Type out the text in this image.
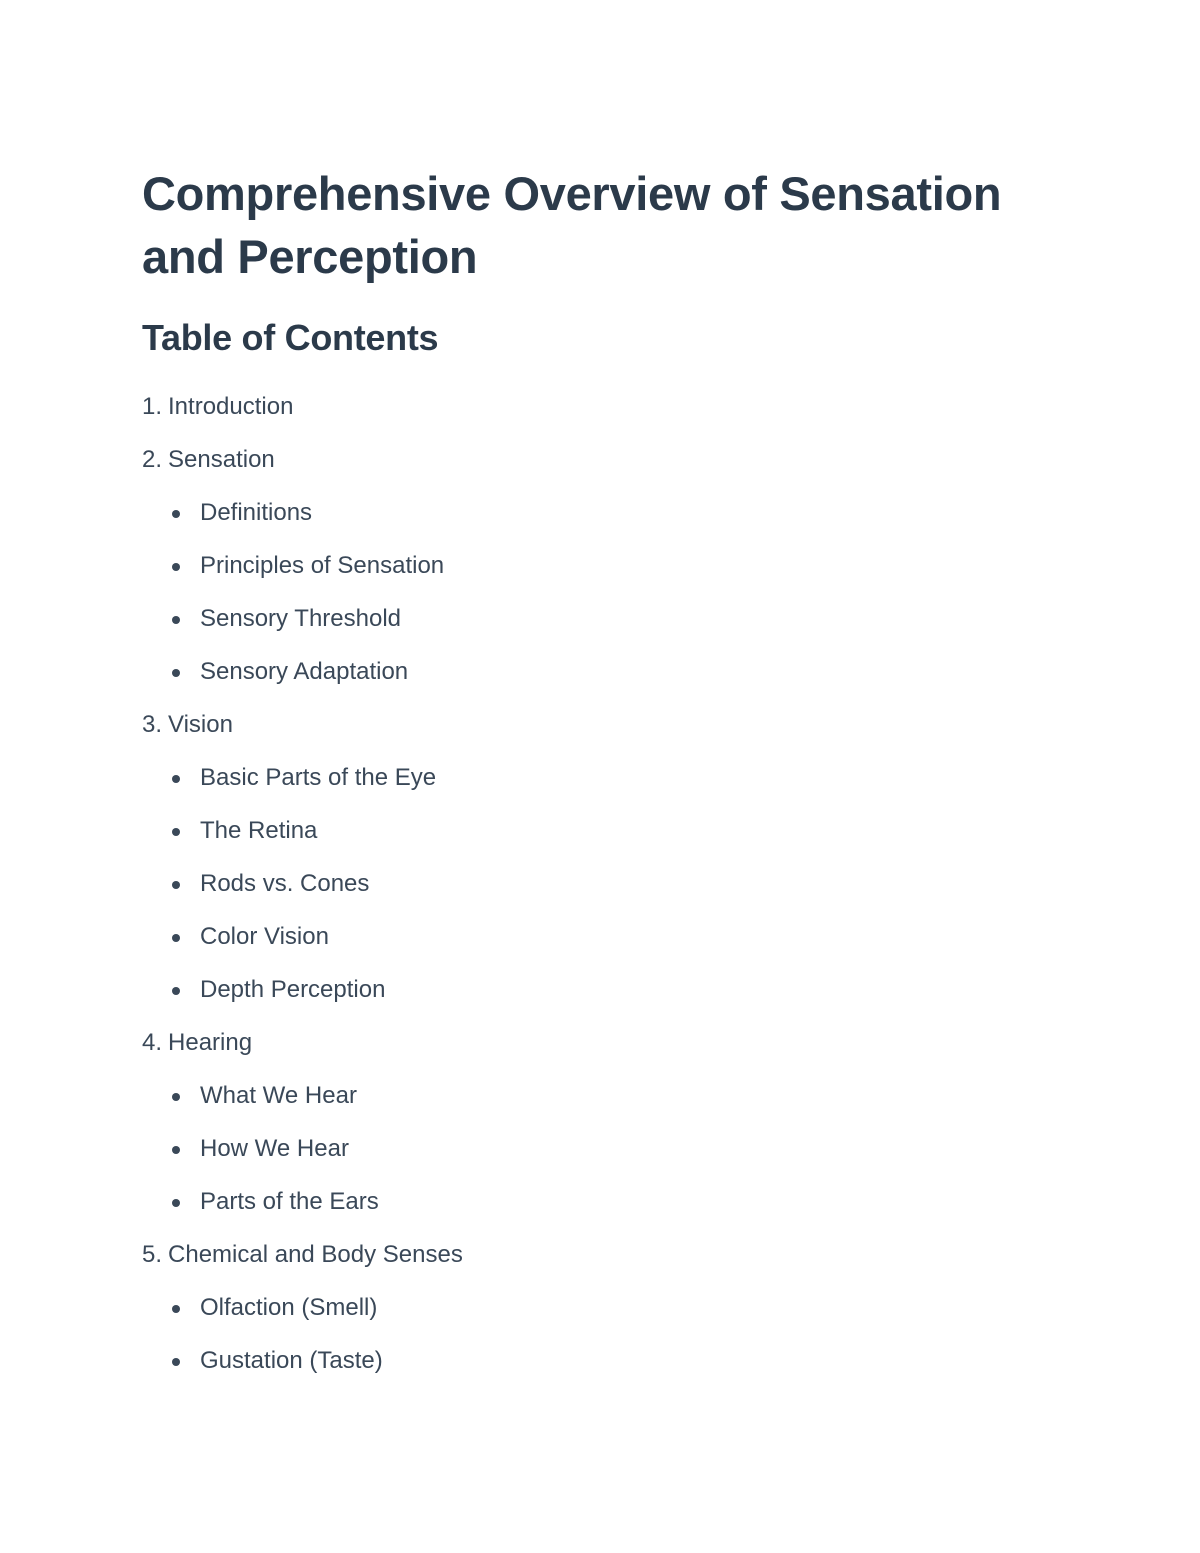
Comprehensive Overview of Sensation and Perception
Table of Contents
1. Introduction
2. Sensation
Definitions
Principles of Sensation
Sensory Threshold
Sensory Adaptation
3. Vision
Basic Parts of the Eye
The Retina
Rods vs. Cones
Color Vision
Depth Perception
4. Hearing
What We Hear
How We Hear
Parts of the Ears
5. Chemical and Body Senses
Olfaction (Smell)
Gustation (Taste)
